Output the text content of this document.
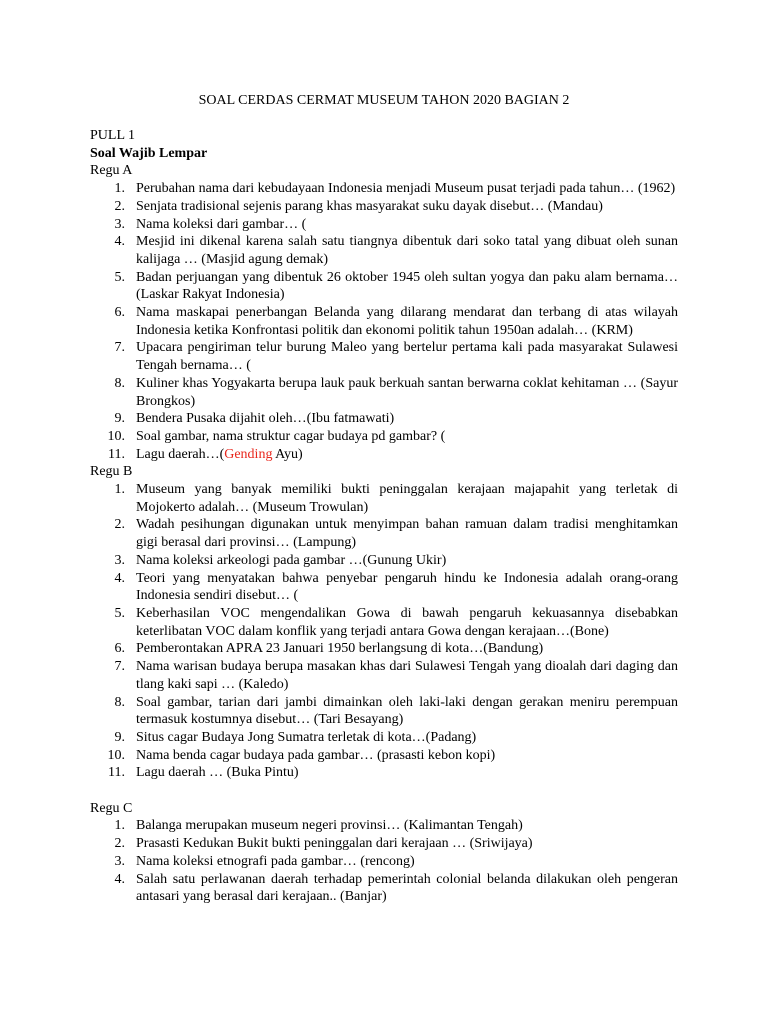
SOAL CERDAS CERMAT MUSEUM TAHON 2020 BAGIAN 2

PULL 1

Soal Wajib Lempar

Regu A

1. Perubahan nama dari kebudayaan Indonesia menjadi Museum pusat terjadi pada tahun… (1962)
2. Senjata tradisional sejenis parang khas masyarakat suku dayak disebut… (Mandau)
3. Nama koleksi dari gambar… (
4. Mesjid ini dikenal karena salah satu tiangnya dibentuk dari soko tatal yang dibuat oleh sunan kalijaga … (Masjid agung demak)
5. Badan perjuangan yang dibentuk 26 oktober 1945 oleh sultan yogya dan paku alam bernama… (Laskar Rakyat Indonesia)
6. Nama maskapai penerbangan Belanda yang dilarang mendarat dan terbang di atas wilayah Indonesia ketika Konfrontasi politik dan ekonomi politik tahun 1950an adalah… (KRM)
7. Upacara pengiriman telur burung Maleo yang bertelur pertama kali pada masyarakat Sulawesi Tengah bernama… (
8. Kuliner khas Yogyakarta berupa lauk pauk berkuah santan berwarna coklat kehitaman … (Sayur Brongkos)
9. Bendera Pusaka dijahit oleh…(Ibu fatmawati)
10. Soal gambar, nama struktur cagar budaya pd gambar? (
11. Lagu daerah…(Gending Ayu)

Regu B

1. Museum yang banyak memiliki bukti peninggalan kerajaan majapahit yang terletak di Mojokerto adalah… (Museum Trowulan)
2. Wadah pesihungan digunakan untuk menyimpan bahan ramuan dalam tradisi menghitamkan gigi berasal dari provinsi… (Lampung)
3. Nama koleksi arkeologi pada gambar …(Gunung Ukir)
4. Teori yang menyatakan bahwa penyebar pengaruh hindu ke Indonesia adalah orang-orang Indonesia sendiri disebut… (
5. Keberhasilan VOC mengendalikan Gowa di bawah pengaruh kekuasannya disebabkan keterlibatan VOC dalam konflik yang terjadi antara Gowa dengan kerajaan…(Bone)
6. Pemberontakan APRA 23 Januari 1950 berlangsung di kota…(Bandung)
7. Nama warisan budaya berupa masakan khas dari Sulawesi Tengah yang dioalah dari daging dan tlang kaki sapi … (Kaledo)
8. Soal gambar, tarian dari jambi dimainkan oleh laki-laki dengan gerakan meniru perempuan termasuk kostumnya disebut… (Tari Besayang)
9. Situs cagar Budaya Jong Sumatra terletak di kota…(Padang)
10. Nama benda cagar budaya pada gambar… (prasasti kebon kopi)
11. Lagu daerah … (Buka Pintu)

Regu C

1. Balanga merupakan museum negeri provinsi… (Kalimantan Tengah)
2. Prasasti Kedukan Bukit bukti peninggalan dari kerajaan … (Sriwijaya)
3. Nama koleksi etnografi pada gambar… (rencong)
4. Salah satu perlawanan daerah terhadap pemerintah colonial belanda dilakukan oleh pengeran antasari yang berasal dari kerajaan.. (Banjar)
